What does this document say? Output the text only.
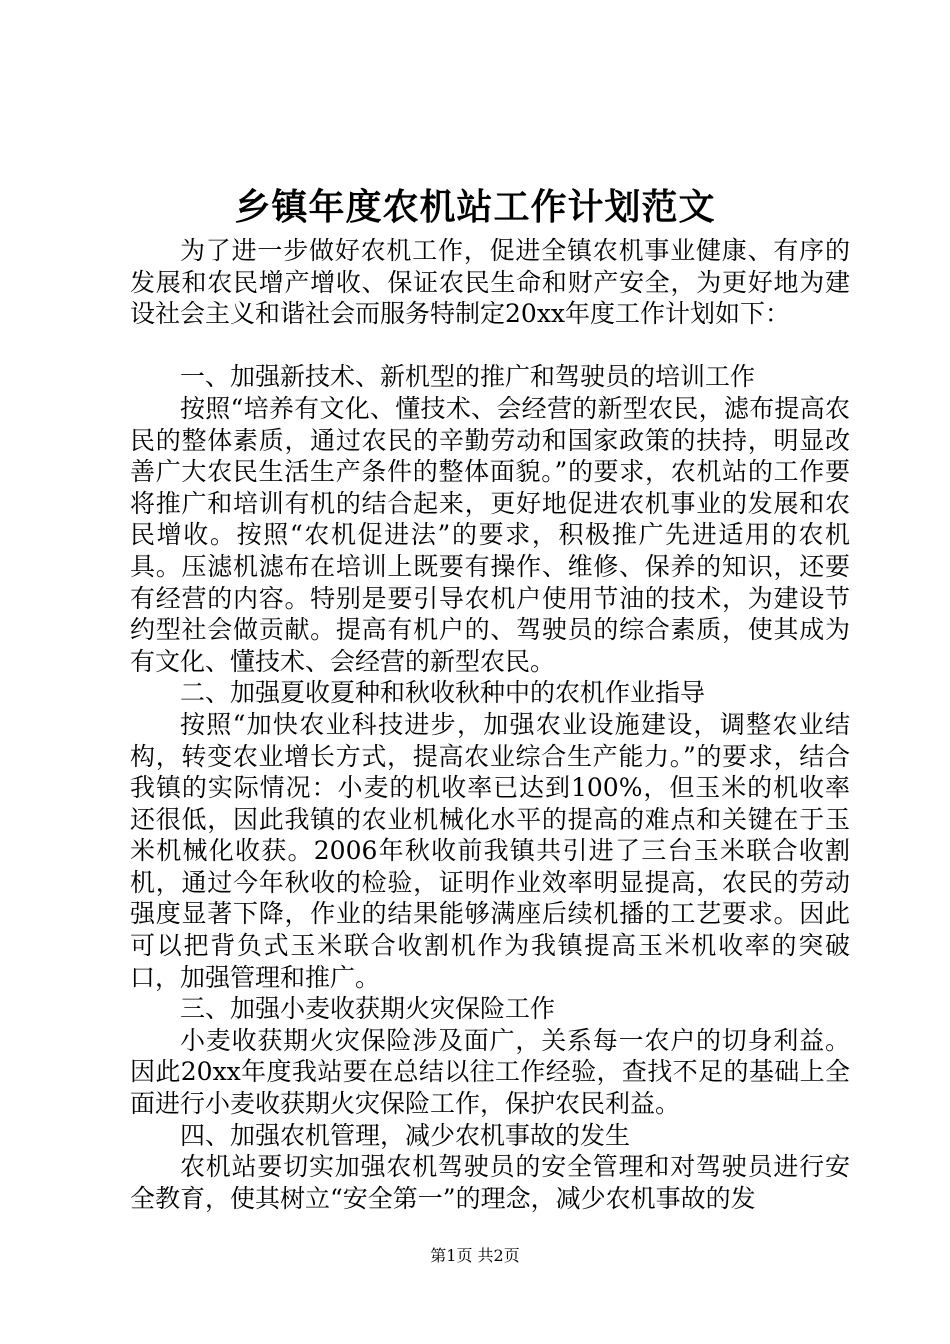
乡镇年度农机站工作计划范文

为了进一步做好农机工作，促进全镇农机事业健康、有序的发展和农民增产增收、保证农民生命和财产安全，为更好地为建设社会主义和谐社会而服务特制定20xx年度工作计划如下：

一、加强新技术、新机型的推广和驾驶员的培训工作

按照“培养有文化、懂技术、会经营的新型农民，滤布提高农民的整体素质，通过农民的辛勤劳动和国家政策的扶持，明显改善广大农民生活生产条件的整体面貌。”的要求，农机站的工作要将推广和培训有机的结合起来，更好地促进农机事业的发展和农民增收。按照“农机促进法”的要求，积极推广先进适用的农机具。压滤机滤布在培训上既要有操作、维修、保养的知识，还要有经营的内容。特别是要引导农机户使用节油的技术，为建设节约型社会做贡献。提高有机户的、驾驶员的综合素质，使其成为有文化、懂技术、会经营的新型农民。

二、加强夏收夏种和秋收秋种中的农机作业指导

按照“加快农业科技进步，加强农业设施建设，调整农业结构，转变农业增长方式，提高农业综合生产能力。”的要求，结合我镇的实际情况：小麦的机收率已达到100%，但玉米的机收率还很低，因此我镇的农业机械化水平的提高的难点和关键在于玉米机械化收获。2006年秋收前我镇共引进了三台玉米联合收割机，通过今年秋收的检验，证明作业效率明显提高，农民的劳动强度显著下降，作业的结果能够满座后续机播的工艺要求。因此可以把背负式玉米联合收割机作为我镇提高玉米机收率的突破口，加强管理和推广。

三、加强小麦收获期火灾保险工作

小麦收获期火灾保险涉及面广，关系每一农户的切身利益。因此20xx年度我站要在总结以往工作经验，查找不足的基础上全面进行小麦收获期火灾保险工作，保护农民利益。

四、加强农机管理，减少农机事故的发生

农机站要切实加强农机驾驶员的安全管理和对驾驶员进行安全教育，使其树立“安全第一”的理念，减少农机事故的发

第1页 共2页
